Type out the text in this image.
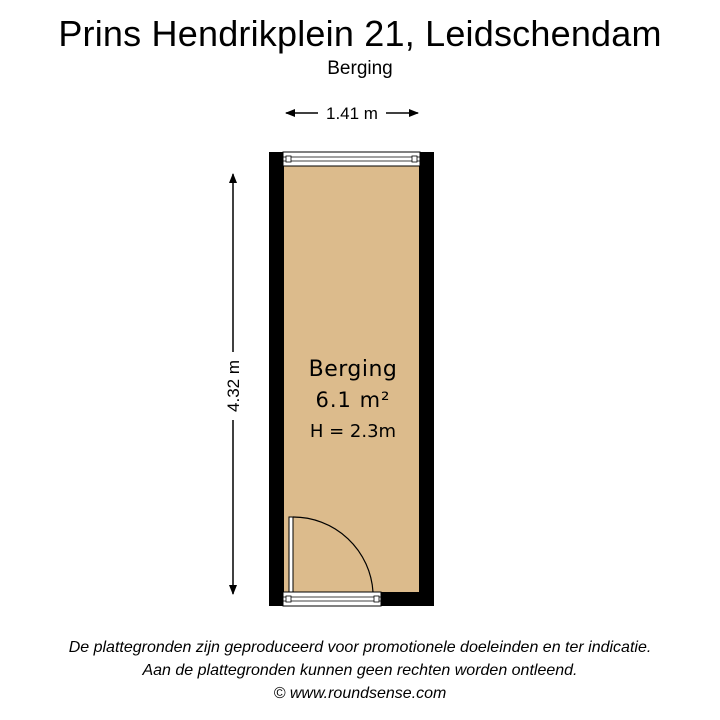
Prins Hendrikplein 21, Leidschendam
Berging
1.41 m
4.32 m	Berging
6.1 m²
H = 2.3m
De plattegronden zijn geproduceerd voor promotionele doeleinden en ter indicatie.
Aan de plattegronden kunnen geen rechten worden ontleend.
© www.roundsense.com
